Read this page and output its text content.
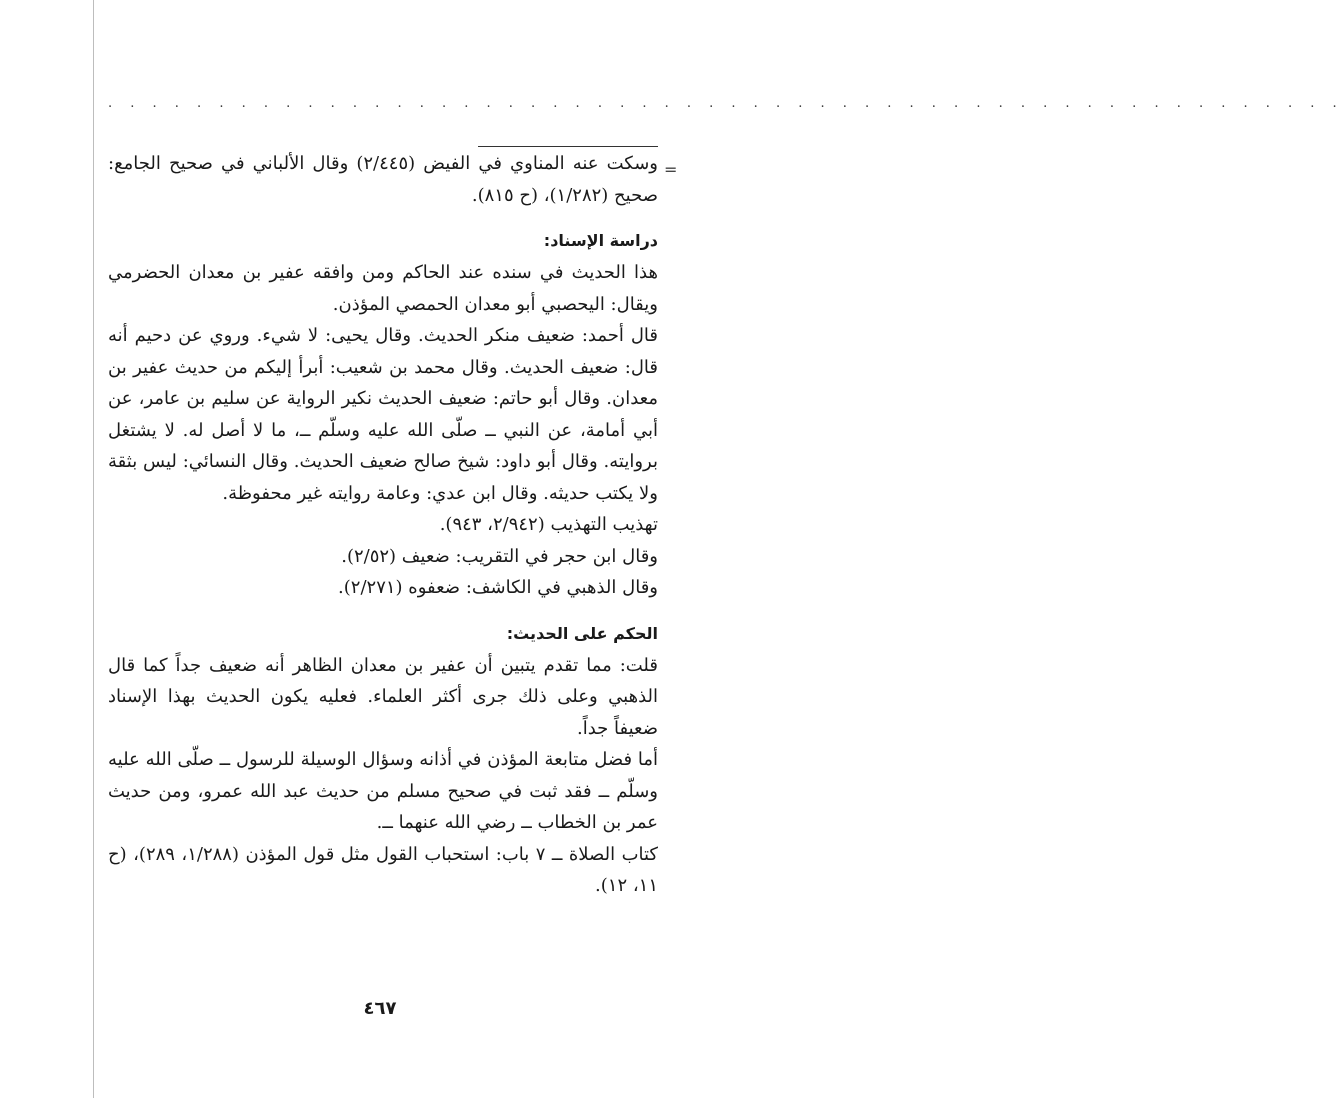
. . . . . . . . . . . . . . . . . . . . . . . . . . . . . . . . . . . . . . . . . . . . . . . . . . . . . . . .
=

وسكت عنه المناوي في الفيض (٢/٤٤٥) وقال الألباني في صحيح الجامع: صحيح (١/٢٨٢)، (ح ٨١٥).

دراسة الإسناد:

هذا الحديث في سنده عند الحاكم ومن وافقه عفير بن معدان الحضرمي ويقال: اليحصبي أبو معدان الحمصي المؤذن.

قال أحمد: ضعيف منكر الحديث. وقال يحيى: لا شيء. وروي عن دحيم أنه قال: ضعيف الحديث. وقال محمد بن شعيب: أبرأ إليكم من حديث عفير بن معدان. وقال أبو حاتم: ضعيف الحديث نكير الرواية عن سليم بن عامر، عن أبي أمامة، عن النبي ــ صلّى الله عليه وسلّم ــ، ما لا أصل له. لا يشتغل بروايته. وقال أبو داود: شيخ صالح ضعيف الحديث. وقال النسائي: ليس بثقة ولا يكتب حديثه. وقال ابن عدي: وعامة روايته غير محفوظة.

تهذيب التهذيب (٢/٩٤٢، ٩٤٣).

وقال ابن حجر في التقريب: ضعيف (٢/٥٢).

وقال الذهبي في الكاشف: ضعفوه (٢/٢٧١).

الحكم على الحديث:

قلت: مما تقدم يتبين أن عفير بن معدان الظاهر أنه ضعيف جداً كما قال الذهبي وعلى ذلك جرى أكثر العلماء. فعليه يكون الحديث بهذا الإسناد ضعيفاً جداً.

أما فضل متابعة المؤذن في أذانه وسؤال الوسيلة للرسول ــ صلّى الله عليه وسلّم ــ فقد ثبت في صحيح مسلم من حديث عبد الله عمرو، ومن حديث عمر بن الخطاب ــ رضي الله عنهما ــ.

كتاب الصلاة ــ ٧ باب: استحباب القول مثل قول المؤذن (١/٢٨٨، ٢٨٩)، (ح ١١، ١٢).

٤٦٧
